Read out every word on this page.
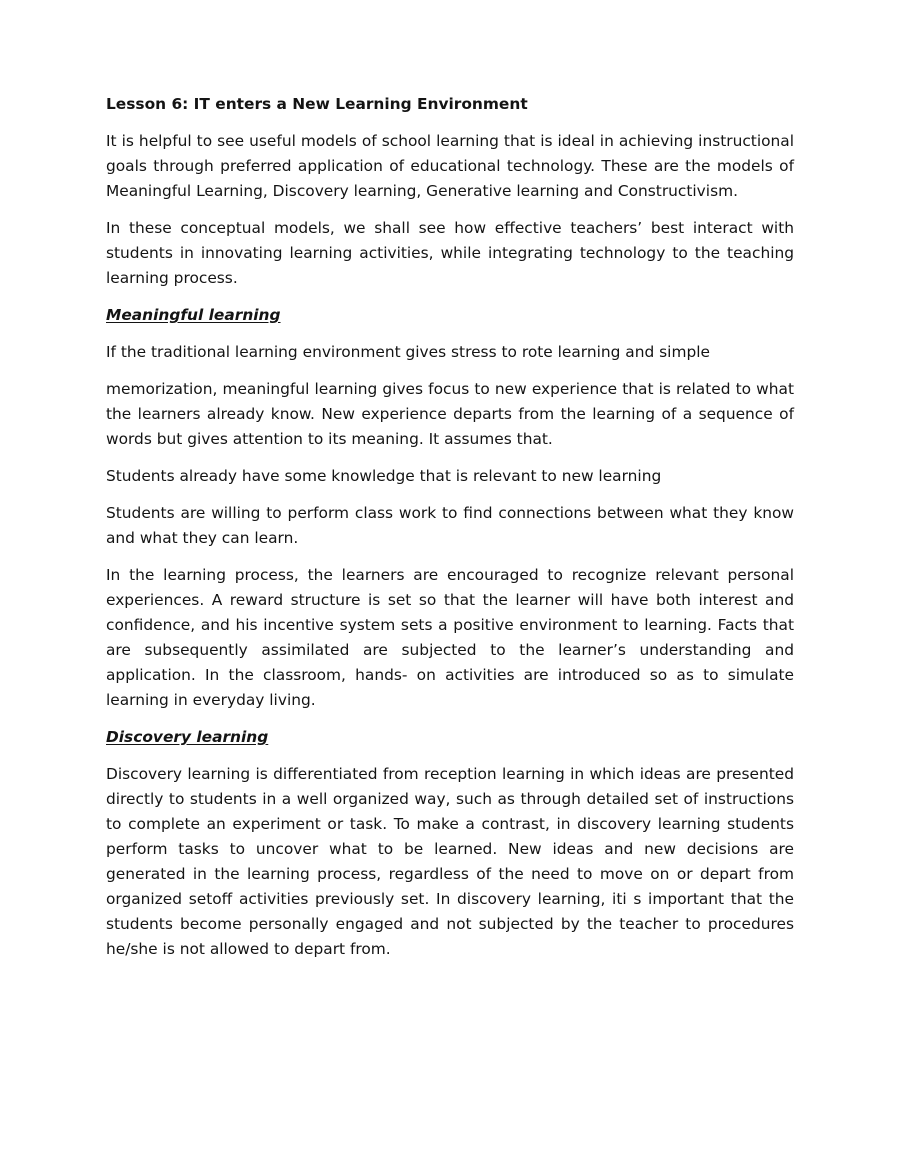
Lesson 6: IT enters a New Learning Environment

It is helpful to see useful models of school learning that is ideal in achieving instructional goals through preferred application of educational technology. These are the models of Meaningful Learning, Discovery learning, Generative learning and Constructivism.

In these conceptual models, we shall see how effective teachers’ best interact with students in innovating learning activities, while integrating technology to the teaching learning process.

Meaningful learning

If the traditional learning environment gives stress to rote learning and simple

memorization, meaningful learning gives focus to new experience that is related to what the learners already know. New experience departs from the learning of a sequence of words but gives attention to its meaning. It assumes that.

Students already have some knowledge that is relevant to new learning

Students are willing to perform class work to find connections between what they know and what they can learn.

In the learning process, the learners are encouraged to recognize relevant personal experiences. A reward structure is set so that the learner will have both interest and confidence, and his incentive system sets a positive environment to learning. Facts that are subsequently assimilated are subjected to the learner’s understanding and application. In the classroom, hands- on activities are introduced so as to simulate learning in everyday living.

Discovery learning

Discovery learning is differentiated from reception learning in which ideas are presented directly to students in a well organized way, such as through detailed set of instructions to complete an experiment or task. To make a contrast, in discovery learning students perform tasks to uncover what to be learned. New ideas and new decisions are generated in the learning process, regardless of the need to move on or depart from organized setoff activities previously set. In discovery learning, iti s important that the students become personally engaged and not subjected by the teacher to procedures he/she is not allowed to depart from.
